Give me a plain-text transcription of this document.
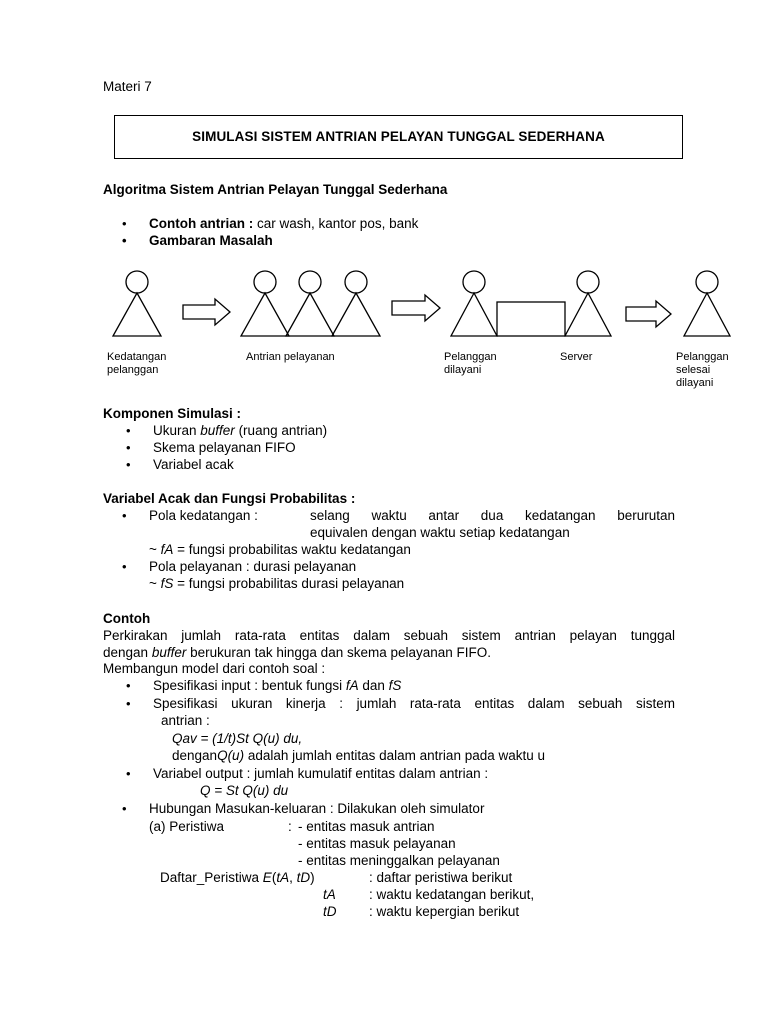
Materi 7
SIMULASI SISTEM ANTRIAN PELAYAN TUNGGAL SEDERHANA
Algoritma Sistem Antrian Pelayan Tunggal Sederhana
• Contoh antrian : car wash, kantor pos, bank
• Gambaran Masalah
Kedatangan
pelanggan
Antrian pelayanan	Pelanggan
dilayani
Server	Pelanggan
selesai
dilayani
Komponen Simulasi :
• Ukuran buffer (ruang antrian)
• Skema pelayanan FIFO
• Variabel acak
Variabel Acak dan Fungsi Probabilitas :
• Pola kedatangan :	selang waktu antar dua kedatangan berurutan
equivalen dengan waktu setiap kedatangan
~ fA = fungsi probabilitas waktu kedatangan
• Pola pelayanan : durasi pelayanan
~ fS = fungsi probabilitas durasi pelayanan
Contoh
Perkirakan jumlah rata-rata entitas dalam sebuah sistem antrian pelayan tunggal
dengan buffer berukuran tak hingga dan skema pelayanan FIFO.
Membangun model dari contoh soal :
• Spesifikasi input : bentuk fungsi fA dan fS
• Spesifikasi ukuran kinerja : jumlah rata-rata entitas dalam sebuah sistem
antrian :
Qav = (1/t)St Q(u) du,
denganQ(u) adalah jumlah entitas dalam antrian pada waktu u
• Variabel output : jumlah kumulatif entitas dalam antrian :
Q = St Q(u) du
• Hubungan Masukan-keluaran : Dilakukan oleh simulator
(a) Peristiwa	: - entitas masuk antrian
- entitas masuk pelayanan
- entitas meninggalkan pelayanan
Daftar_Peristiwa E(tA, tD)	: daftar peristiwa berikut
tA : waktu kedatangan berikut,
tD : waktu kepergian berikut
